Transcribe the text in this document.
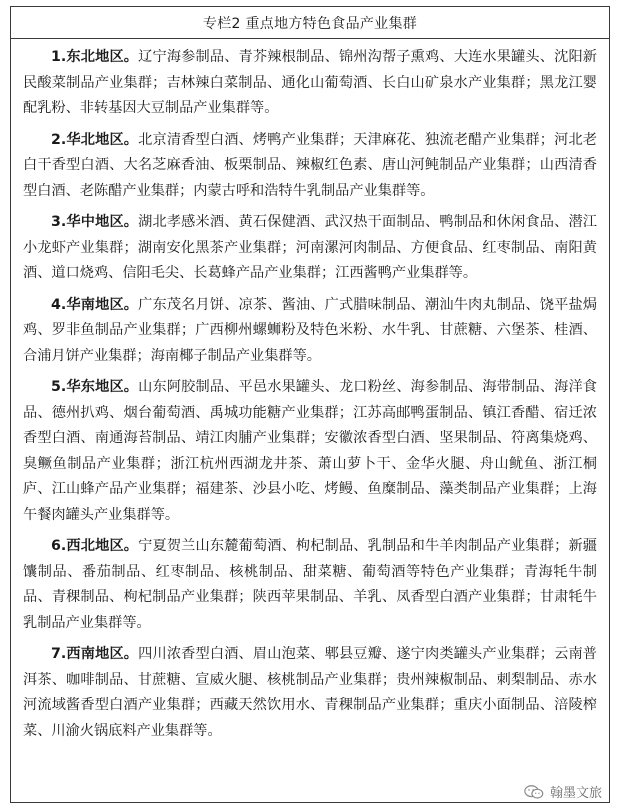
专栏2 重点地方特色食品产业集群

1.东北地区。辽宁海参制品、青芥辣根制品、锦州沟帮子熏鸡、大连水果罐头、沈阳新民酸菜制品产业集群；吉林辣白菜制品、通化山葡萄酒、长白山矿泉水产业集群；黑龙江婴配乳粉、非转基因大豆制品产业集群等。

2.华北地区。北京清香型白酒、烤鸭产业集群；天津麻花、独流老醋产业集群；河北老白干香型白酒、大名芝麻香油、板栗制品、辣椒红色素、唐山河鲀制品产业集群；山西清香型白酒、老陈醋产业集群；内蒙古呼和浩特牛乳制品产业集群等。

3.华中地区。湖北孝感米酒、黄石保健酒、武汉热干面制品、鸭制品和休闲食品、潜江小龙虾产业集群；湖南安化黑茶产业集群；河南漯河肉制品、方便食品、红枣制品、南阳黄酒、道口烧鸡、信阳毛尖、长葛蜂产品产业集群；江西酱鸭产业集群等。

4.华南地区。广东茂名月饼、凉茶、酱油、广式腊味制品、潮汕牛肉丸制品、饶平盐焗鸡、罗非鱼制品产业集群；广西柳州螺蛳粉及特色米粉、水牛乳、甘蔗糖、六堡茶、桂酒、合浦月饼产业集群；海南椰子制品产业集群等。

5.华东地区。山东阿胶制品、平邑水果罐头、龙口粉丝、海参制品、海带制品、海洋食品、德州扒鸡、烟台葡萄酒、禹城功能糖产业集群；江苏高邮鸭蛋制品、镇江香醋、宿迁浓香型白酒、南通海苔制品、靖江肉脯产业集群；安徽浓香型白酒、坚果制品、符离集烧鸡、臭鳜鱼制品产业集群；浙江杭州西湖龙井茶、萧山萝卜干、金华火腿、舟山鱿鱼、浙江桐庐、江山蜂产品产业集群；福建茶、沙县小吃、烤鳗、鱼糜制品、藻类制品产业集群；上海午餐肉罐头产业集群等。

6.西北地区。宁夏贺兰山东麓葡萄酒、枸杞制品、乳制品和牛羊肉制品产业集群；新疆馕制品、番茄制品、红枣制品、核桃制品、甜菜糖、葡萄酒等特色产业集群；青海牦牛制品、青稞制品、枸杞制品产业集群；陕西苹果制品、羊乳、凤香型白酒产业集群；甘肃牦牛乳制品产业集群等。

7.西南地区。四川浓香型白酒、眉山泡菜、郫县豆瓣、遂宁肉类罐头产业集群；云南普洱茶、咖啡制品、甘蔗糖、宣威火腿、核桃制品产业集群；贵州辣椒制品、刺梨制品、赤水河流域酱香型白酒产业集群；西藏天然饮用水、青稞制品产业集群；重庆小面制品、涪陵榨菜、川渝火锅底料产业集群等。

翰墨文旅
